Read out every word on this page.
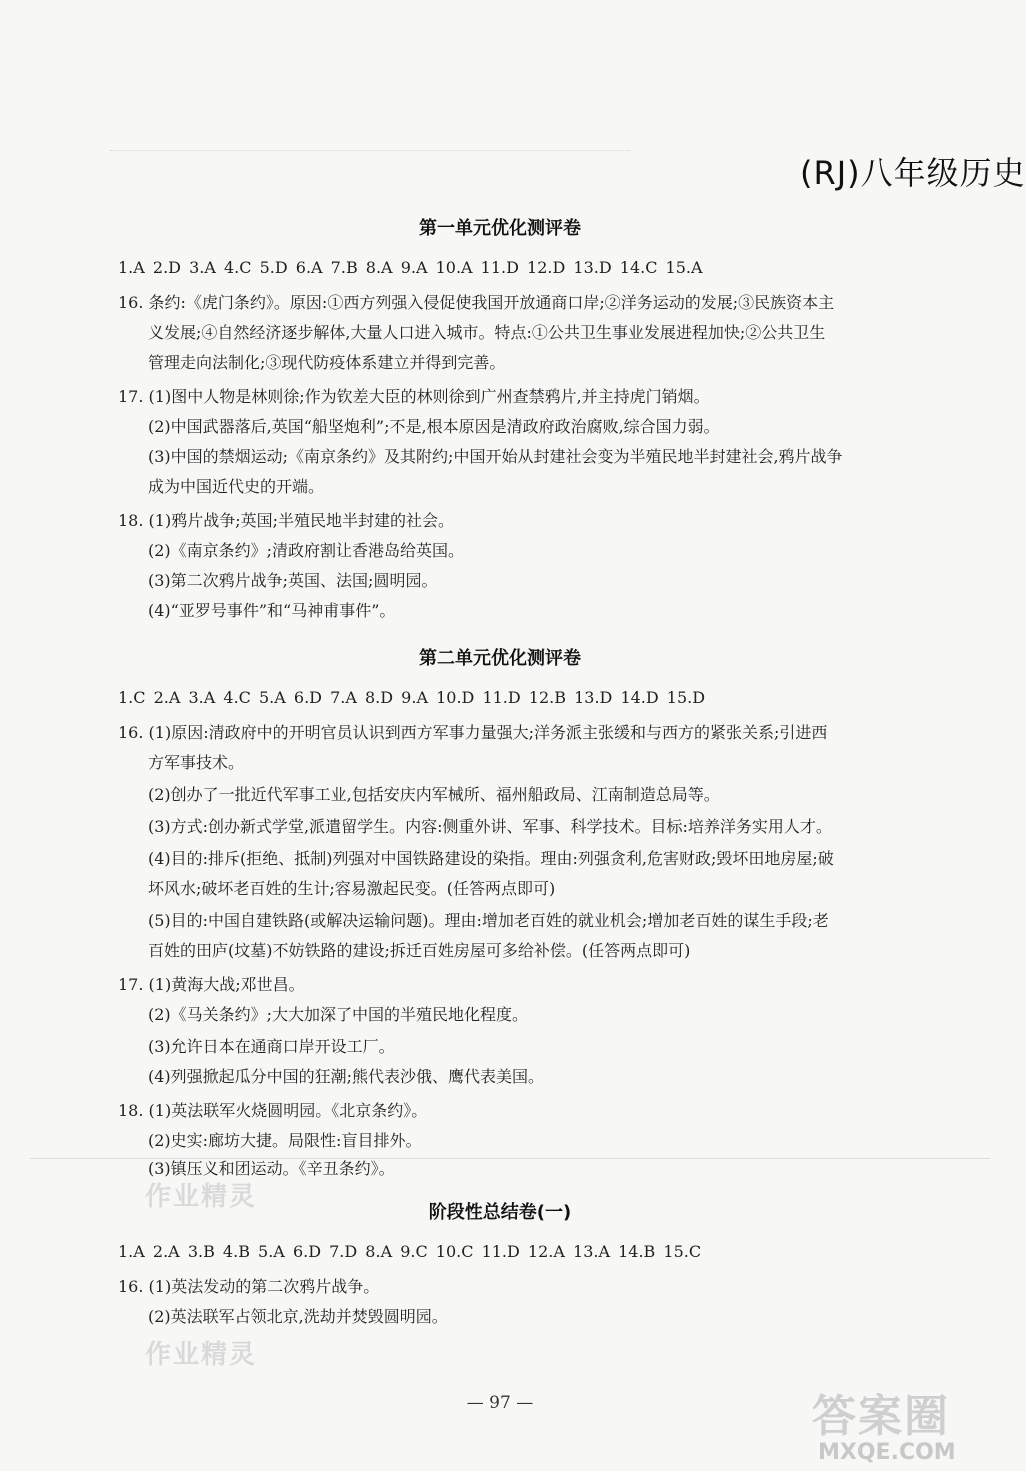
(RJ)八年级历史
第一单元优化测评卷
1.A 2.D 3.A 4.C 5.D 6.A 7.B 8.A 9.A 10.A 11.D 12.D 13.D 14.C 15.A
16. 条约:《虎门条约》。原因:①西方列强入侵促使我国开放通商口岸;②洋务运动的发展;③民族资本主
义发展;④自然经济逐步解体,大量人口进入城市。特点:①公共卫生事业发展进程加快;②公共卫生
管理走向法制化;③现代防疫体系建立并得到完善。
17. (1)图中人物是林则徐;作为钦差大臣的林则徐到广州查禁鸦片,并主持虎门销烟。
(2)中国武器落后,英国“船坚炮利”;不是,根本原因是清政府政治腐败,综合国力弱。
(3)中国的禁烟运动;《南京条约》及其附约;中国开始从封建社会变为半殖民地半封建社会,鸦片战争
成为中国近代史的开端。
18. (1)鸦片战争;英国;半殖民地半封建的社会。
(2)《南京条约》;清政府割让香港岛给英国。
(3)第二次鸦片战争;英国、法国;圆明园。
(4)“亚罗号事件”和“马神甫事件”。
第二单元优化测评卷
1.C 2.A 3.A 4.C 5.A 6.D 7.A 8.D 9.A 10.D 11.D 12.B 13.D 14.D 15.D
16. (1)原因:清政府中的开明官员认识到西方军事力量强大;洋务派主张缓和与西方的紧张关系;引进西
方军事技术。
(2)创办了一批近代军事工业,包括安庆内军械所、福州船政局、江南制造总局等。
(3)方式:创办新式学堂,派遣留学生。内容:侧重外讲、军事、科学技术。目标:培养洋务实用人才。
(4)目的:排斥(拒绝、抵制)列强对中国铁路建设的染指。理由:列强贪利,危害财政;毁坏田地房屋;破
坏风水;破坏老百姓的生计;容易激起民变。(任答两点即可)
(5)目的:中国自建铁路(或解决运输问题)。理由:增加老百姓的就业机会;增加老百姓的谋生手段;老
百姓的田庐(坟墓)不妨铁路的建设;拆迁百姓房屋可多给补偿。(任答两点即可)
17. (1)黄海大战;邓世昌。
(2)《马关条约》;大大加深了中国的半殖民地化程度。
(3)允许日本在通商口岸开设工厂。
(4)列强掀起瓜分中国的狂潮;熊代表沙俄、鹰代表美国。
18. (1)英法联军火烧圆明园。《北京条约》。
(2)史实:廊坊大捷。局限性:盲目排外。
(3)镇压义和团运动。《辛丑条约》。
作业精灵
阶段性总结卷(一)
1.A 2.A 3.B 4.B 5.A 6.D 7.D 8.A 9.C 10.C 11.D 12.A 13.A 14.B 15.C
16. (1)英法发动的第二次鸦片战争。
(2)英法联军占领北京,洗劫并焚毁圆明园。
作业精灵
— 97 —	答案圈
MXQE.COM
